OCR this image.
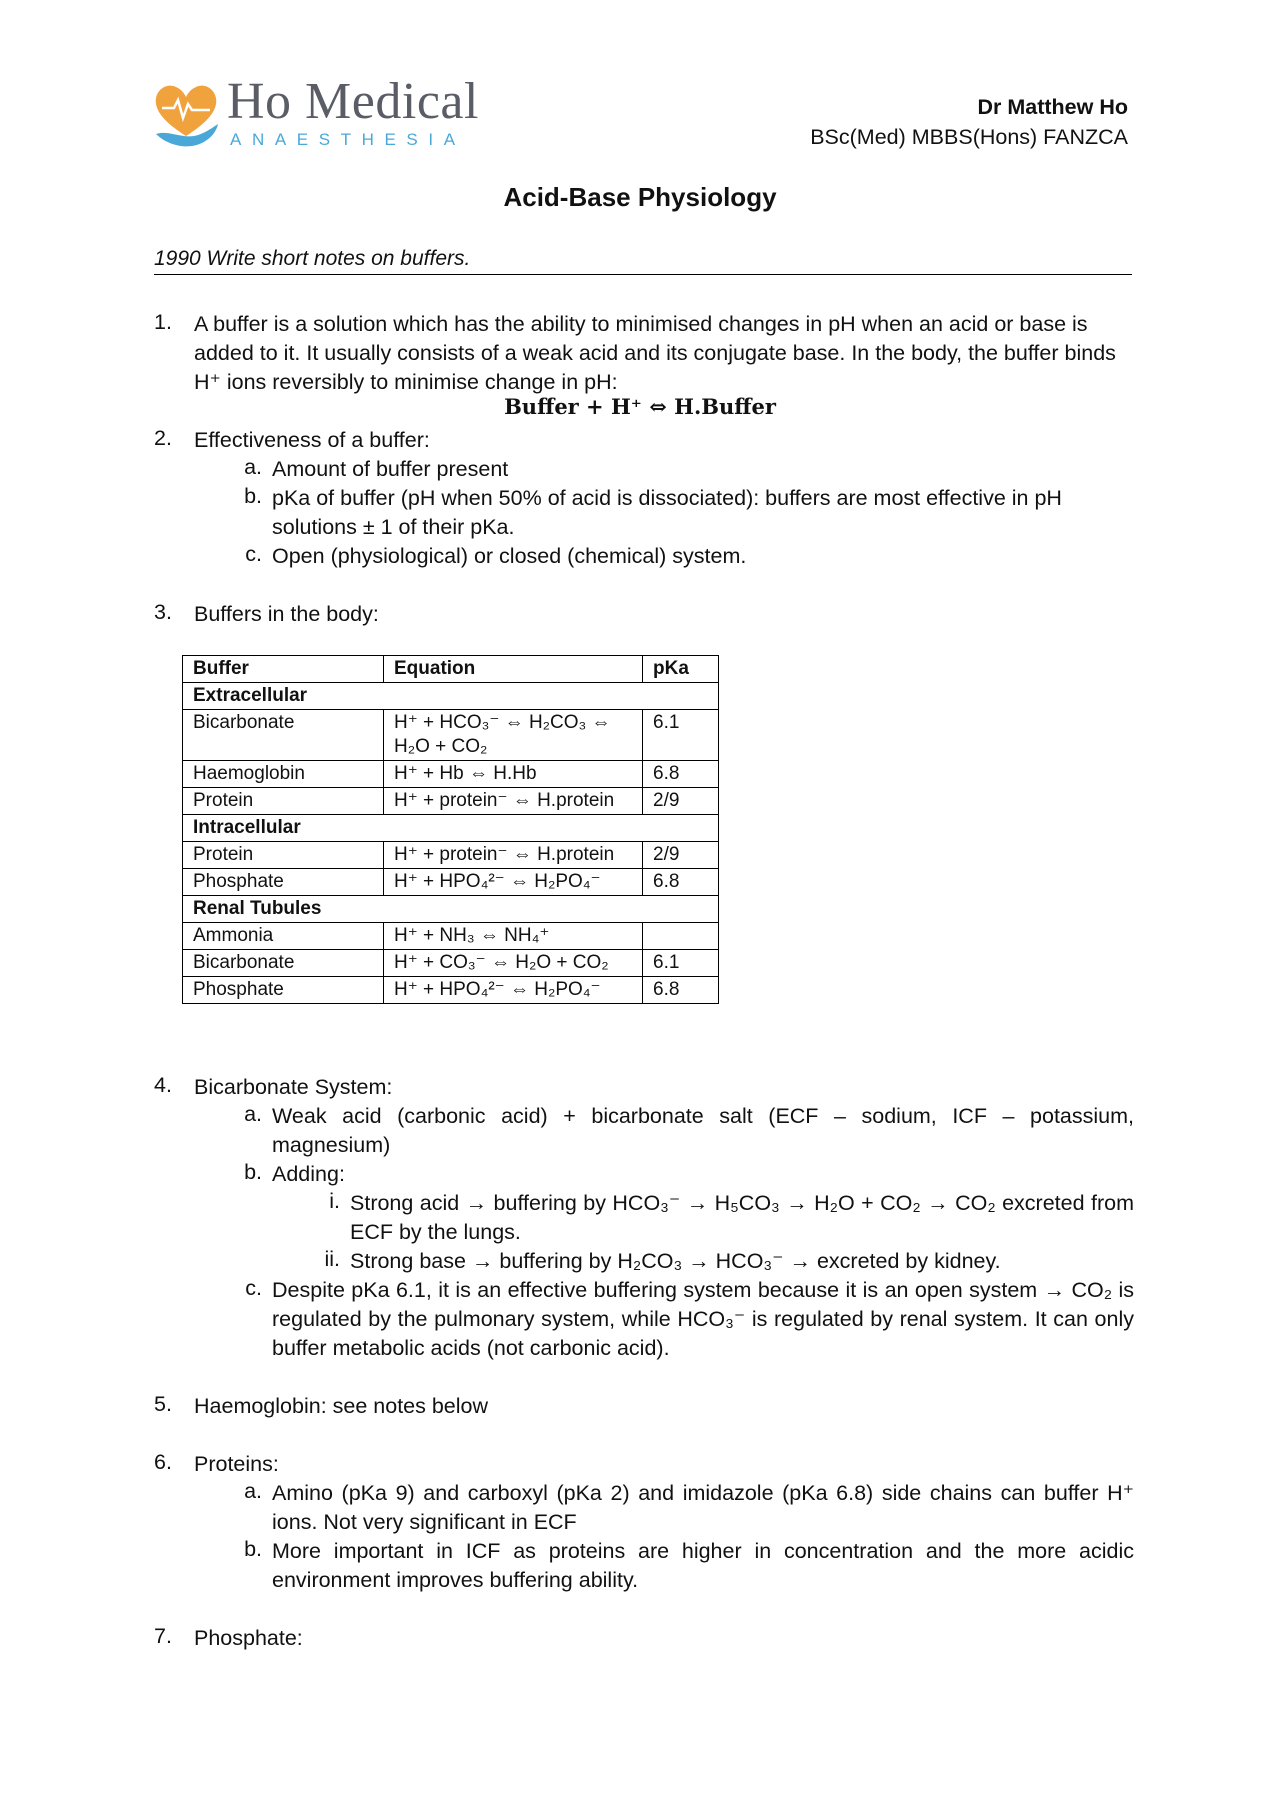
Ho Medical
ANAESTHESIA
Dr Matthew Ho
BSc(Med) MBBS(Hons) FANZCA
Acid-Base Physiology
1990 Write short notes on buffers.
1.	A buffer is a solution which has the ability to minimised changes in pH when an acid or base is added to it. It usually consists of a weak acid and its conjugate base. In the body, the buffer binds H⁺ ions reversibly to minimise change in pH:
Buffer + H⁺ ⇔ H.Buffer
2.	Effectiveness of a buffer:
a. Amount of buffer present
b. pKa of buffer (pH when 50% of acid is dissociated): buffers are most effective in pH solutions ± 1 of their pKa.
c. Open (physiological) or closed (chemical) system.
3.	Buffers in the body:
Buffer	Equation	pKa
Extracellular		
Bicarbonate	H⁺ + HCO₃⁻ ⇔ H₂CO₃ ⇔ H₂O + CO₂	6.1
Haemoglobin	H⁺ + Hb ⇔ H.Hb	6.8
Protein	H⁺ + protein⁻ ⇔ H.protein	2/9
Intracellular		
Protein	H⁺ + protein⁻ ⇔ H.protein	2/9
Phosphate	H⁺ + HPO₄²⁻ ⇔ H₂PO₄⁻	6.8
Renal Tubules		
Ammonia	H⁺ + NH₃ ⇔ NH₄⁺	
Bicarbonate	H⁺ + CO₃⁻ ⇔ H₂O + CO₂	6.1
Phosphate	H⁺ + HPO₄²⁻ ⇔ H₂PO₄⁻	6.8
4.	Bicarbonate System:
a. Weak acid (carbonic acid) + bicarbonate salt (ECF – sodium, ICF – potassium, magnesium)
b. Adding:
i. Strong acid → buffering by HCO₃⁻ → H₅CO₃ → H₂O + CO₂ → CO₂ excreted from ECF by the lungs.
ii. Strong base → buffering by H₂CO₃ → HCO₃⁻ → excreted by kidney.
c. Despite pKa 6.1, it is an effective buffering system because it is an open system → CO₂ is regulated by the pulmonary system, while HCO₃⁻ is regulated by renal system. It can only buffer metabolic acids (not carbonic acid).
5.	Haemoglobin: see notes below
6.	Proteins:
a. Amino (pKa 9) and carboxyl (pKa 2) and imidazole (pKa 6.8) side chains can buffer H⁺ ions. Not very significant in ECF
b. More important in ICF as proteins are higher in concentration and the more acidic environment improves buffering ability.
7.	Phosphate:
